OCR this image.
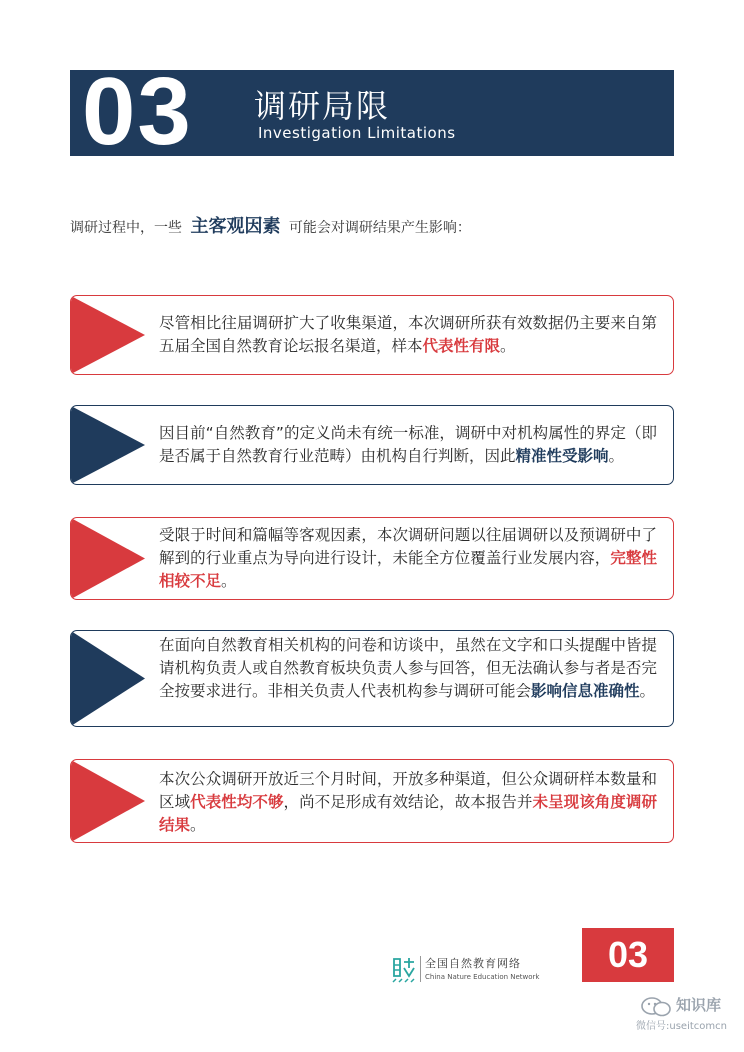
03 调研局限
Investigation Limitations
调研过程中，一些 主客观因素 可能会对调研结果产生影响：
尽管相比往届调研扩大了收集渠道，本次调研所获有效数据仍主要来自第五届全国自然教育论坛报名渠道，样本代表性有限。
因目前“自然教育”的定义尚未有统一标准，调研中对机构属性的界定（即是否属于自然教育行业范畴）由机构自行判断，因此精准性受影响。
受限于时间和篇幅等客观因素，本次调研问题以往届调研以及预调研中了解到的行业重点为导向进行设计，未能全方位覆盖行业发展内容，完整性相较不足。
在面向自然教育相关机构的问卷和访谈中，虽然在文字和口头提醒中皆提请机构负责人或自然教育板块负责人参与回答，但无法确认参与者是否完全按要求进行。非相关负责人代表机构参与调研可能会影响信息准确性。
本次公众调研开放近三个月时间，开放多种渠道，但公众调研样本数量和区域代表性均不够，尚不足形成有效结论，故本报告并未呈现该角度调研结果。
全国自然教育网络
China Nature Education Network
03
知识库
微信号:useitcomcn
